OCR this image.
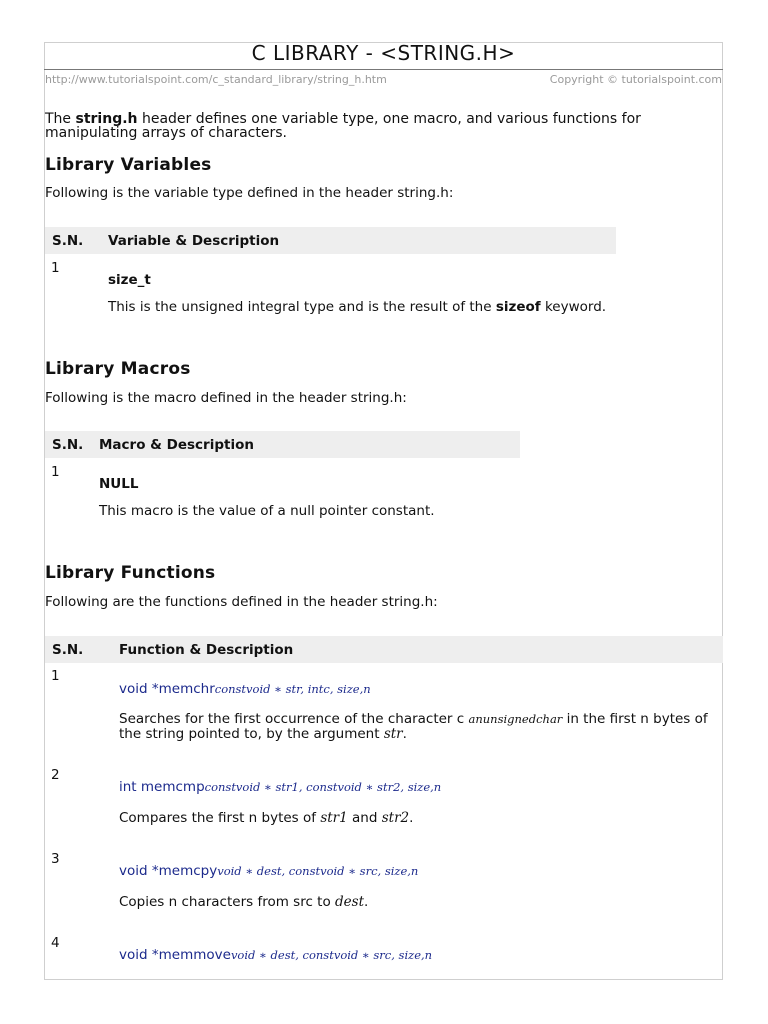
C LIBRARY - <STRING.H>
http://www.tutorialspoint.com/c_standard_library/string_h.htm	Copyright © tutorialspoint.com
The string.h header defines one variable type, one macro, and various functions for manipulating arrays of characters.
Library Variables
Following is the variable type defined in the header string.h:
S.N. Variable & Description
1
size_t
This is the unsigned integral type and is the result of the sizeof keyword.
Library Macros
Following is the macro defined in the header string.h:
S.N. Macro & Description
1
NULL
This macro is the value of a null pointer constant.
Library Functions
Following are the functions defined in the header string.h:
S.N.	Function & Description
1
void *memchrconstvoid ∗ str, intc, size,n
Searches for the first occurrence of the character c anunsignedchar in the first n bytes of the string pointed to, by the argument str.
2
int memcmpconstvoid ∗ str1, constvoid ∗ str2, size,n
Compares the first n bytes of str1 and str2.
3
void *memcpyvoid ∗ dest, constvoid ∗ src, size,n
Copies n characters from src to dest.
4
void *memmovevoid ∗ dest, constvoid ∗ src, size,n
